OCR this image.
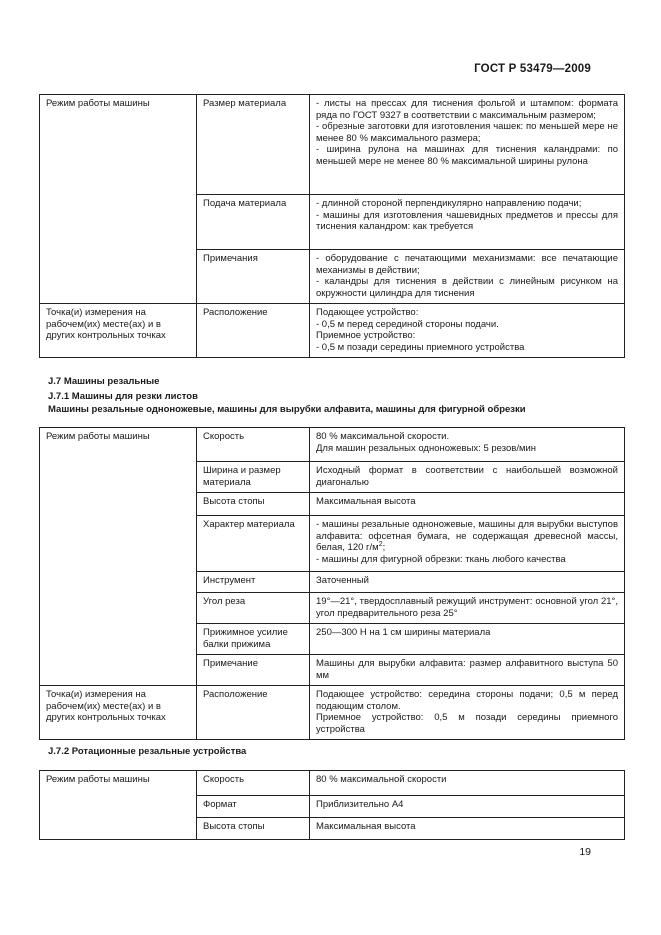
ГОСТ Р 53479—2009
Режим работы машины	Размер материала	- листы на прессах для тиснения фольгой и штампом: формата ряда по ГОСТ 9327 в соответствии с максимальным размером;
- обрезные заготовки для изготовления чашек: по меньшей мере не менее 80 % максимального размера;
- ширина рулона на машинах для тиснения каландрами: по меньшей мере не менее 80 % максимальной ширины рулона

	Подача материала	- длинной стороной перпендикулярно направлению подачи;
- машины для изготовления чашевидных предметов и прессы для тиснения каландром: как требуется

	Примечания	- оборудование с печатающими механизмами: все печатающие механизмы в действии;
- каландры для тиснения в действии с линейным рисунком на окружности цилиндра для тиснения

Точка(и) измерения на рабочем(их) месте(ах) и в других контрольных точках	Расположение	Подающее устройство:
- 0,5 м перед серединой стороны подачи.
Приемное устройство:
- 0,5 м позади середины приемного устройства
J.7 Машины резальные
J.7.1 Машины для резки листов
Машины резальные одноножевые, машины для вырубки алфавита, машины для фигурной обрезки
Режим работы машины	Скорость	80 % максимальной скорости.
Для машин резальных одноножевых: 5 резов/мин

	Ширина и размер материала	Исходный формат в соответствии с наибольшей возможной диагональю

	Высота стопы	Максимальная высота

	Характер материала	- машины резальные одноножевые, машины для вырубки выступов алфавита: офсетная бумага, не содержащая древесной массы, белая, 120 $г/м^2$;
- машины для фигурной обрезки: ткань любого качества

	Инструмент	Заточенный

	Угол реза	19°—21°, твердосплавный режущий инструмент: основной угол 21°, угол предварительного реза 25°

	Прижимное усилие балки прижима	250—300 Н на 1 см ширины материала

	Примечание	Машины для вырубки алфавита: размер алфавитного выступа 50 мм

Точка(и) измерения на рабочем(их) месте(ах) и в других контрольных точках	Расположение	Подающее устройство: середина стороны подачи; 0,5 м перед подающим столом.
Приемное устройство: 0,5 м позади середины приемного устройства
J.7.2 Ротационные резальные устройства
Режим работы машины	Скорость	80 % максимальной скорости
	Формат	Приблизительно А4
	Высота стопы	Максимальная высота
19
